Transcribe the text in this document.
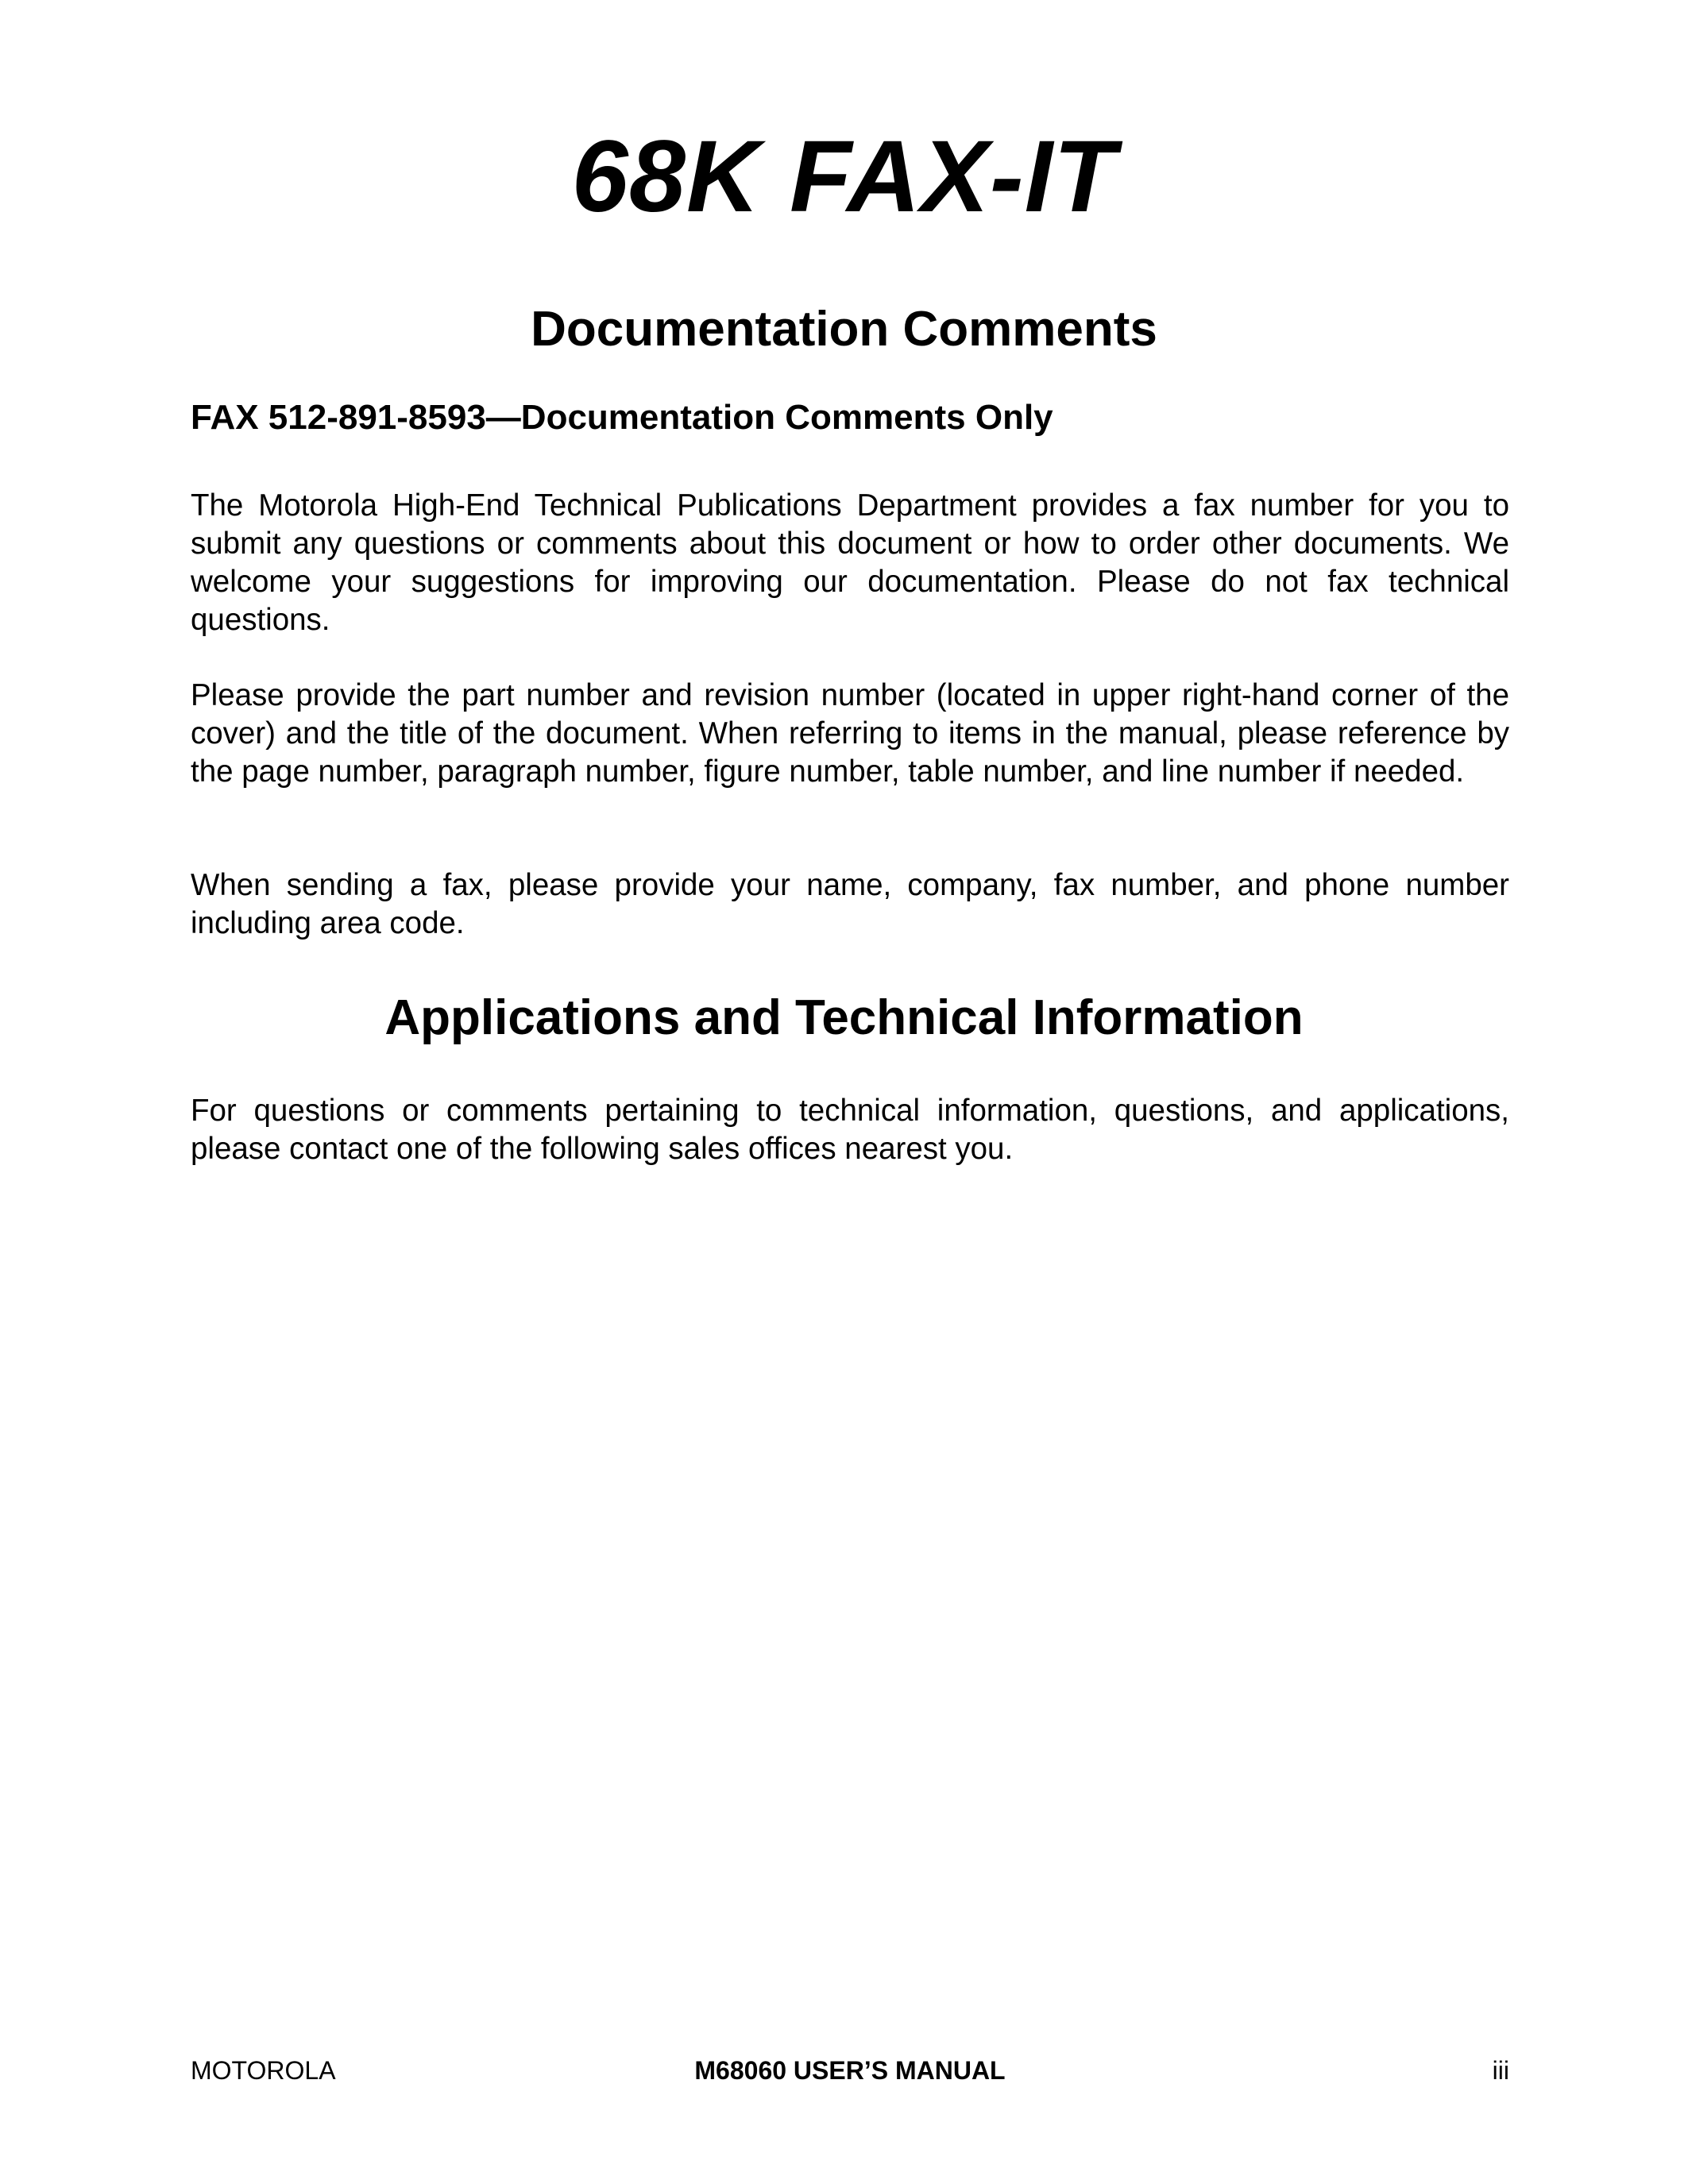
68K FAX-IT
Documentation Comments
FAX 512-891-8593—Documentation Comments Only

The Motorola High-End Technical Publications Department provides a fax number for you to submit any questions or comments about this document or how to order other documents. We welcome your suggestions for improving our documentation. Please do not fax technical questions.

Please provide the part number and revision number (located in upper right-hand corner of the cover) and the title of the document. When referring to items in the manual, please reference by the page number, paragraph number, figure number, table number, and line number if needed.

When sending a fax, please provide your name, company, fax number, and phone number including area code.

Applications and Technical Information

For questions or comments pertaining to technical information, questions, and applications, please contact one of the following sales offices nearest you.

MOTOROLA	M68060 USER’S MANUAL	iii
